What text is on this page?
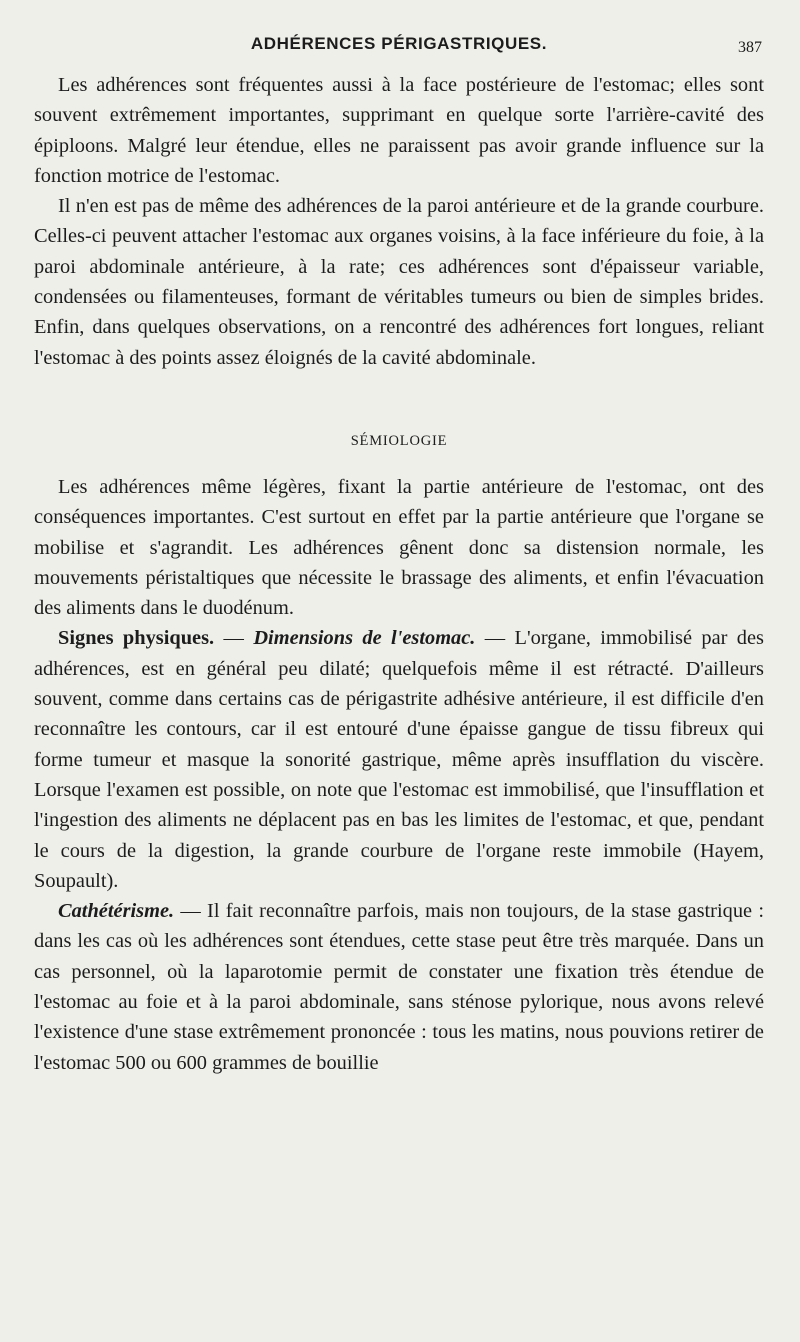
ADHÉRENCES PÉRIGASTRIQUES.	387

Les adhérences sont fréquentes aussi à la face postérieure de l'estomac; elles sont souvent extrêmement importantes, supprimant en quelque sorte l'arrière-cavité des épiploons. Malgré leur étendue, elles ne paraissent pas avoir grande influence sur la fonction motrice de l'estomac.

Il n'en est pas de même des adhérences de la paroi antérieure et de la grande courbure. Celles-ci peuvent attacher l'estomac aux organes voisins, à la face inférieure du foie, à la paroi abdominale antérieure, à la rate; ces adhérences sont d'épaisseur variable, condensées ou filamenteuses, formant de véritables tumeurs ou bien de simples brides. Enfin, dans quelques observations, on a rencontré des adhérences fort longues, reliant l'estomac à des points assez éloignés de la cavité abdominale.

SÉMIOLOGIE

Les adhérences même légères, fixant la partie antérieure de l'estomac, ont des conséquences importantes. C'est surtout en effet par la partie antérieure que l'organe se mobilise et s'agrandit. Les adhérences gênent donc sa distension normale, les mouvements péristaltiques que nécessite le brassage des aliments, et enfin l'évacuation des aliments dans le duodénum.

Signes physiques. — Dimensions de l'estomac. — L'organe, immobilisé par des adhérences, est en général peu dilaté; quelquefois même il est rétracté. D'ailleurs souvent, comme dans certains cas de périgastrite adhésive antérieure, il est difficile d'en reconnaître les contours, car il est entouré d'une épaisse gangue de tissu fibreux qui forme tumeur et masque la sonorité gastrique, même après insufflation du viscère. Lorsque l'examen est possible, on note que l'estomac est immobilisé, que l'insufflation et l'ingestion des aliments ne déplacent pas en bas les limites de l'estomac, et que, pendant le cours de la digestion, la grande courbure de l'organe reste immobile (Hayem, Soupault).

Cathétérisme. — Il fait reconnaître parfois, mais non toujours, de la stase gastrique : dans les cas où les adhérences sont étendues, cette stase peut être très marquée. Dans un cas personnel, où la laparotomie permit de constater une fixation très étendue de l'estomac au foie et à la paroi abdominale, sans sténose pylorique, nous avons relevé l'existence d'une stase extrêmement prononcée : tous les matins, nous pouvions retirer de l'estomac 500 ou 600 grammes de bouillie
